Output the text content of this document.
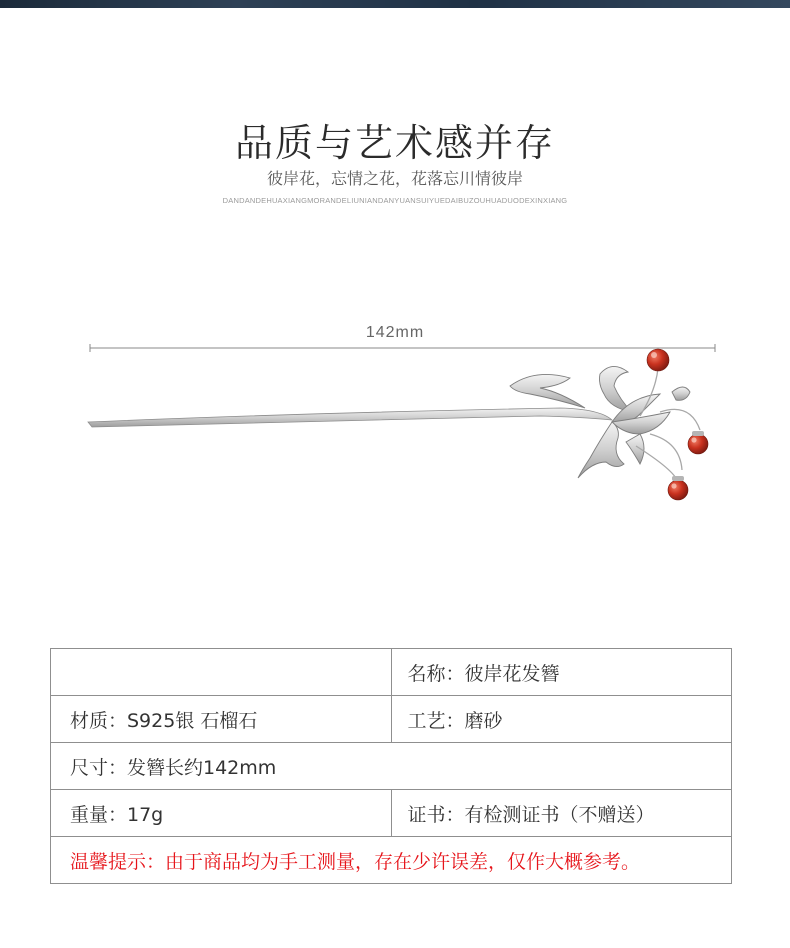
品质与艺术感并存
彼岸花，忘情之花，花落忘川情彼岸
DANDANDEHUAXIANGMORANDELIUNIANDANYUANSUIYUEDAIBUZOUHUADUODEXINXIANG
142mm
	名称：彼岸花发簪
材质：S925银 石榴石	工艺：磨砂
尺寸：发簪长约142mm	
重量：17g	证书：有检测证书（不赠送）
温馨提示：由于商品均为手工测量，存在少许误差，仅作大概参考。	
